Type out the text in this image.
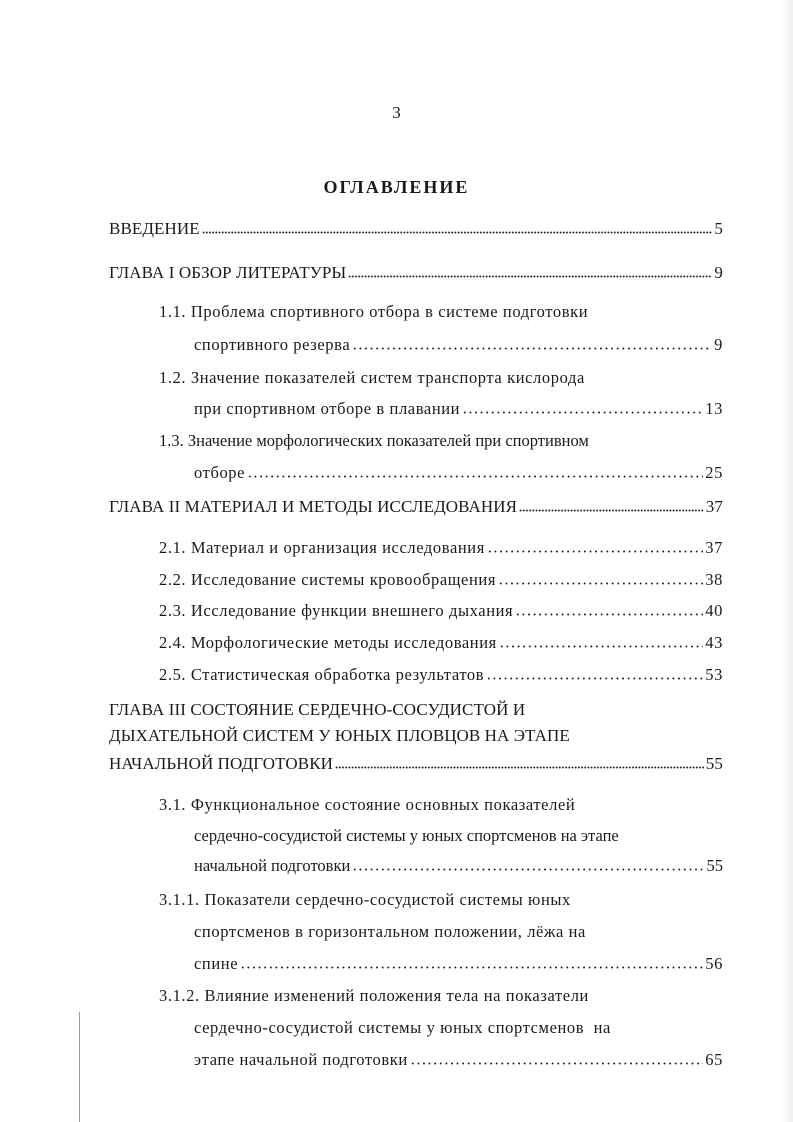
3
ОГЛАВЛЕНИЕ
ВВЕДЕНИЕ	5
ГЛАВА I ОБЗОР ЛИТЕРАТУРЫ	9
1.1. Проблема спортивного отбора в системе подготовки
спортивного резерва	9
1.2. Значение показателей систем транспорта кислорода
при спортивном отборе в плавании	13
1.3. Значение морфологических показателей при спортивном
отборе	25
ГЛАВА II МАТЕРИАЛ И МЕТОДЫ ИССЛЕДОВАНИЯ	37
2.1. Материал и организация исследования	37
2.2. Исследование системы кровообращения	38
2.3. Исследование функции внешнего дыхания	40
2.4. Морфологические методы исследования	43
2.5. Статистическая обработка результатов	53
ГЛАВА III СОСТОЯНИЕ СЕРДЕЧНО-СОСУДИСТОЙ И
ДЫХАТЕЛЬНОЙ СИСТЕМ У ЮНЫХ ПЛОВЦОВ НА ЭТАПЕ
НАЧАЛЬНОЙ ПОДГОТОВКИ	55
3.1. Функциональное состояние основных показателей
сердечно-сосудистой системы у юных спортсменов на этапе
начальной подготовки	55
3.1.1. Показатели сердечно-сосудистой системы юных
спортсменов в горизонтальном положении, лёжа на
спине	56
3.1.2. Влияние изменений положения тела на показатели
сердечно-сосудистой системы у юных спортсменов  на
этапе начальной подготовки	65
